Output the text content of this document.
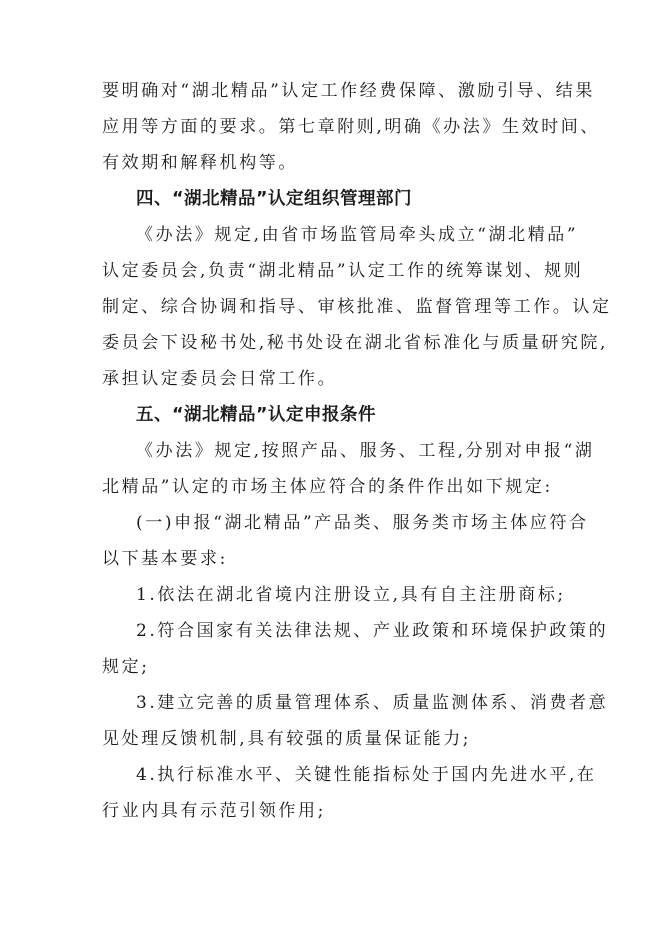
要明确对“湖北精品”认定工作经费保障、激励引导、结果
应用等方面的要求。第七章附则,明确《办法》生效时间、
有效期和解释机构等。
四、“湖北精品”认定组织管理部门
《办法》规定,由省市场监管局牵头成立“湖北精品”
认定委员会,负责“湖北精品”认定工作的统筹谋划、规则
制定、综合协调和指导、审核批准、监督管理等工作。认定
委员会下设秘书处,秘书处设在湖北省标准化与质量研究院,
承担认定委员会日常工作。
五、“湖北精品”认定申报条件
《办法》规定,按照产品、服务、工程,分别对申报“湖
北精品”认定的市场主体应符合的条件作出如下规定:
(一)申报“湖北精品”产品类、服务类市场主体应符合
以下基本要求:
1.依法在湖北省境内注册设立,具有自主注册商标;
2.符合国家有关法律法规、产业政策和环境保护政策的
规定;
3.建立完善的质量管理体系、质量监测体系、消费者意
见处理反馈机制,具有较强的质量保证能力;
4.执行标准水平、关键性能指标处于国内先进水平,在
行业内具有示范引领作用;
